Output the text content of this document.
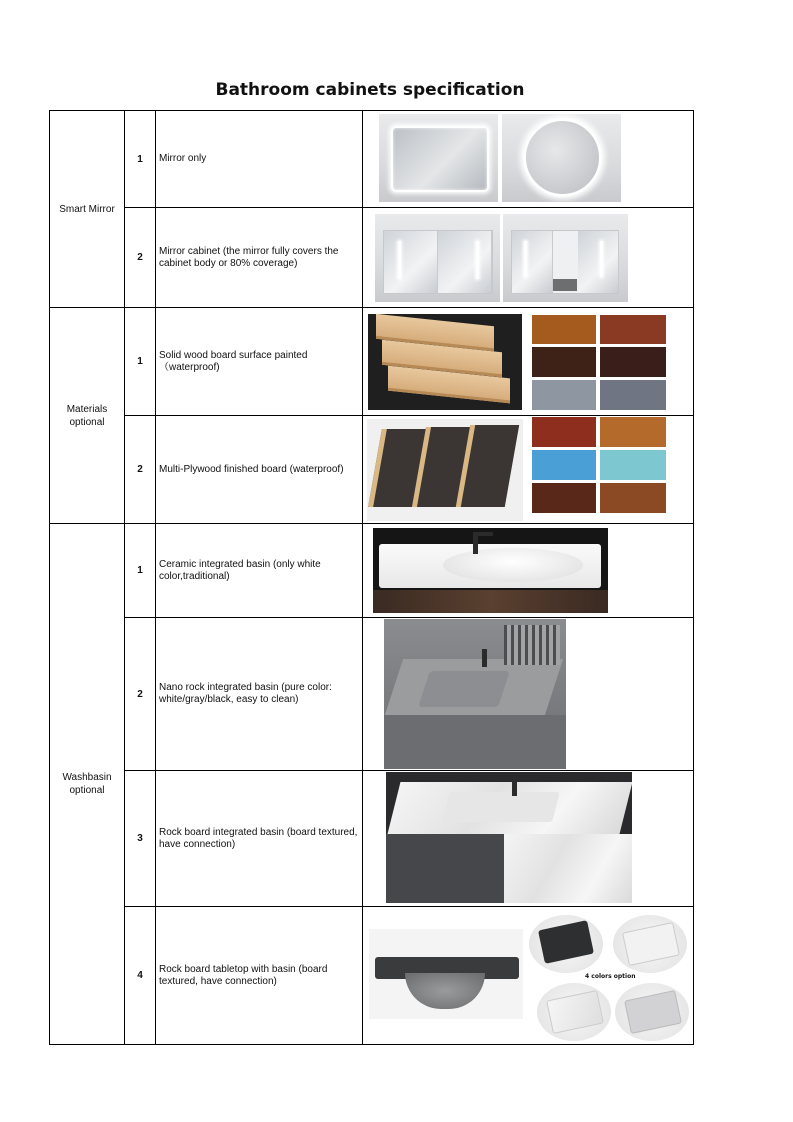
Bathroom cabinets specification
Smart Mirror	1	Mirror only	

	2	Mirror cabinet (the mirror fully covers the cabinet body or 80% coverage)	

Materials optional	1	Solid wood board surface painted （waterproof)	

	2	Multi-Plywood finished board (waterproof)	

Washbasin optional	1	Ceramic integrated basin (only white color,traditional)	

	2	Nano rock integrated basin (pure color: white/gray/black, easy to clean)	

	3	Rock board integrated basin (board textured, have connection)	

	4	Rock board tabletop with basin (board textured, have connection)	4 colors option
